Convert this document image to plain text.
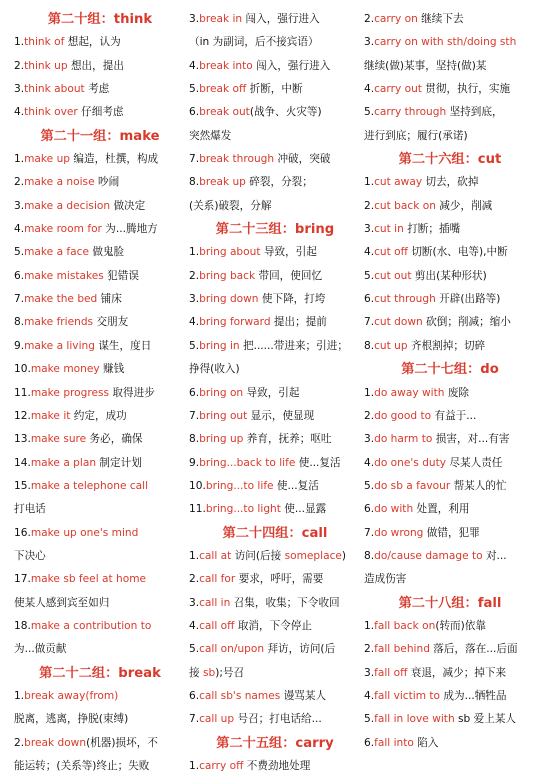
第二十组：think
1.think of 想起，认为
2.think up 想出，提出
3.think about 考虑
4.think over 仔细考虑
第二十一组：make
1.make up 编造，杜撰，构成
2.make a noise 吵闹
3.make a decision 做决定
4.make room for 为...腾地方
5.make a face 做鬼脸
6.make mistakes 犯错误
7.make the bed 铺床
8.make friends 交朋友
9.make a living 谋生，度日
10.make money 赚钱
11.make progress 取得进步
12.make it 约定，成功
13.make sure 务必，确保
14.make a plan 制定计划
15.make a telephone call
打电话
16.make up one's mind
下决心
17.make sb feel at home
使某人感到宾至如归
18.make a contribution to
为...做贡献
第二十二组：break
1.break away(from)
脱离，逃离，挣脱(束缚)
2.break down(机器)损坏，不
能运转；(关系等)终止；失败
3.break in 闯入，强行进入
（in 为副词，后不接宾语）
4.break into 闯入，强行进入
5.break off 折断，中断
6.break out(战争、火灾等)
突然爆发
7.break through 冲破，突破
8.break up 碎裂，分裂；
(关系)破裂，分解
第二十三组：bring
1.bring about 导致，引起
2.bring back 带回，使回忆
3.bring down 使下降，打垮
4.bring forward 提出；提前
5.bring in 把......带进来；引进；
挣得(收入)
6.bring on 导致，引起
7.bring out 显示，使显现
8.bring up 养育，抚养；呕吐
9.bring...back to life 使...复活
10.bring...to life 使...复活
11.bring...to light 使...显露
第二十四组：call
1.call at 访问(后接 someplace)
2.call for 要求，呼吁，需要
3.call in 召集，收集；下令收回
4.call off 取消，下令停止
5.call on/upon 拜访，访问(后
接 sb);号召
6.call sb's names 谩骂某人
7.call up 号召；打电话给...
第二十五组：carry
1.carry off 不费劲地处理
2.carry on 继续下去
3.carry on with sth/doing sth
继续(做)某事，坚持(做)某
4.carry out 贯彻，执行，实施
5.carry through 坚持到底，
进行到底；履行(承诺)
第二十六组：cut
1.cut away 切去，砍掉
2.cut back on 减少，削减
3.cut in 打断；插嘴
4.cut off 切断(水、电等),中断
5.cut out 剪出(某种形状)
6.cut through 开辟(出路等)
7.cut down 砍倒；削减；缩小
8.cut up 齐根割掉；切碎
第二十七组：do
1.do away with 废除
2.do good to 有益于...
3.do harm to 损害，对...有害
4.do one's duty 尽某人责任
5.do sb a favour 帮某人的忙
6.do with 处置，利用
7.do wrong 做错，犯罪
8.do/cause damage to 对...
造成伤害
第二十八组：fall
1.fall back on(转而)依靠
2.fall behind 落后，落在...后面
3.fall off 衰退，减少；掉下来
4.fall victim to 成为...牺牲品
5.fall in love with sb 爱上某人
6.fall into 陷入
